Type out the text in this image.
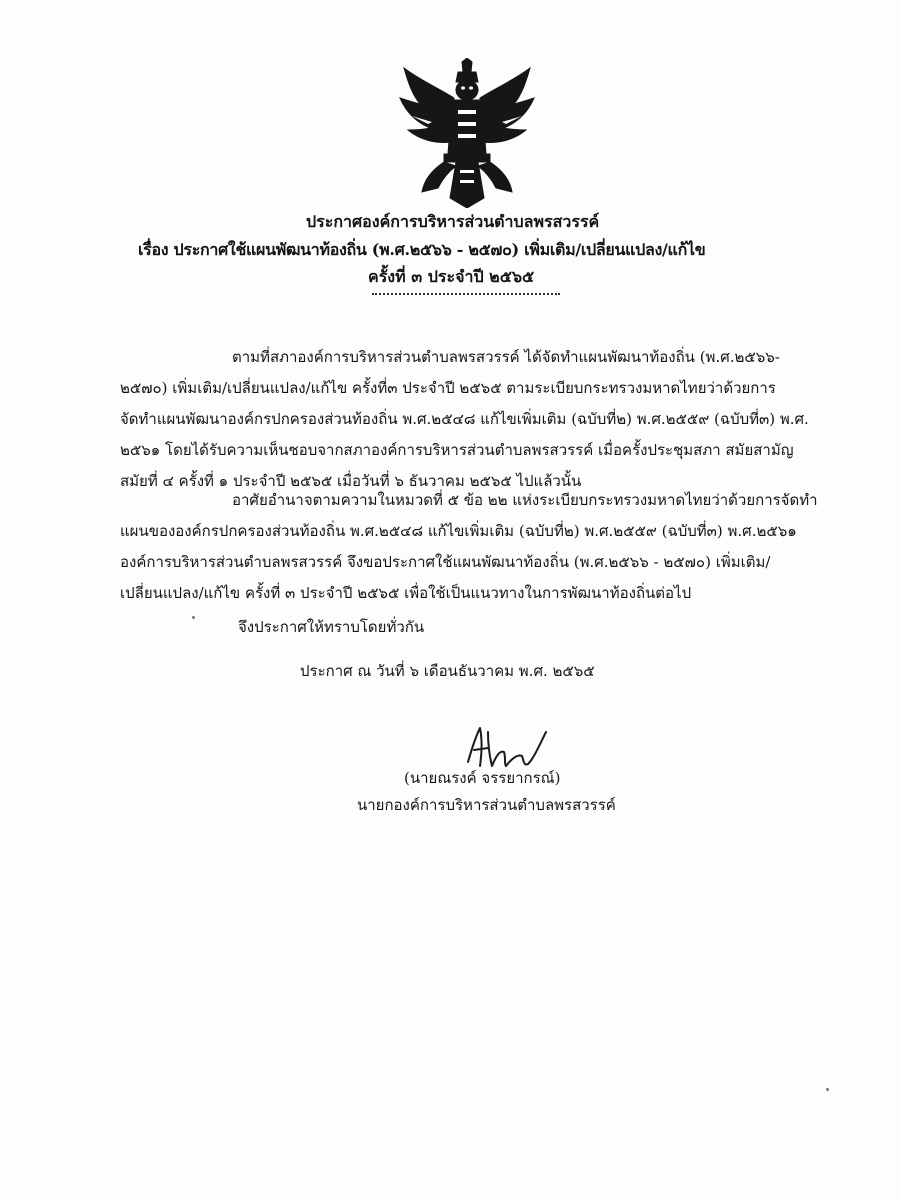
ประกาศองค์การบริหารส่วนตำบลพรสวรรค์
เรื่อง ประกาศใช้แผนพัฒนาท้องถิ่น (พ.ศ.๒๕๖๖ - ๒๕๗๐) เพิ่มเติม/เปลี่ยนแปลง/แก้ไข
ครั้งที่ ๓ ประจำปี ๒๕๖๕
ตามที่สภาองค์การบริหารส่วนตำบลพรสวรรค์ ได้จัดทำแผนพัฒนาท้องถิ่น (พ.ศ.๒๕๖๖-
๒๕๗๐) เพิ่มเติม/เปลี่ยนแปลง/แก้ไข ครั้งที่๓ ประจำปี ๒๕๖๕ ตามระเบียบกระทรวงมหาดไทยว่าด้วยการ
จัดทำแผนพัฒนาองค์กรปกครองส่วนท้องถิ่น พ.ศ.๒๕๔๘ แก้ไขเพิ่มเติม (ฉบับที่๒) พ.ศ.๒๕๕๙ (ฉบับที่๓) พ.ศ.
๒๕๖๑ โดยได้รับความเห็นชอบจากสภาองค์การบริหารส่วนตำบลพรสวรรค์ เมื่อครั้งประชุมสภา สมัยสามัญ
สมัยที่ ๔ ครั้งที่ ๑ ประจำปี ๒๕๖๕ เมื่อวันที่ ๖ ธันวาคม ๒๕๖๕ ไปแล้วนั้น
อาศัยอำนาจตามความในหมวดที่ ๕ ข้อ ๒๒ แห่งระเบียบกระทรวงมหาดไทยว่าด้วยการจัดทำ
แผนขององค์กรปกครองส่วนท้องถิ่น พ.ศ.๒๕๔๘ แก้ไขเพิ่มเติม (ฉบับที่๒) พ.ศ.๒๕๕๙ (ฉบับที่๓) พ.ศ.๒๕๖๑
องค์การบริหารส่วนตำบลพรสวรรค์ จึงขอประกาศใช้แผนพัฒนาท้องถิ่น (พ.ศ.๒๕๖๖ - ๒๕๗๐) เพิ่มเติม/
เปลี่ยนแปลง/แก้ไข ครั้งที่ ๓ ประจำปี ๒๕๖๕ เพื่อใช้เป็นแนวทางในการพัฒนาท้องถิ่นต่อไป
จึงประกาศให้ทราบโดยทั่วกัน
ประกาศ ณ วันที่ ๖ เดือนธันวาคม พ.ศ. ๒๕๖๕
(นายณรงค์ จรรยากรณ์)
นายกองค์การบริหารส่วนตำบลพรสวรรค์
